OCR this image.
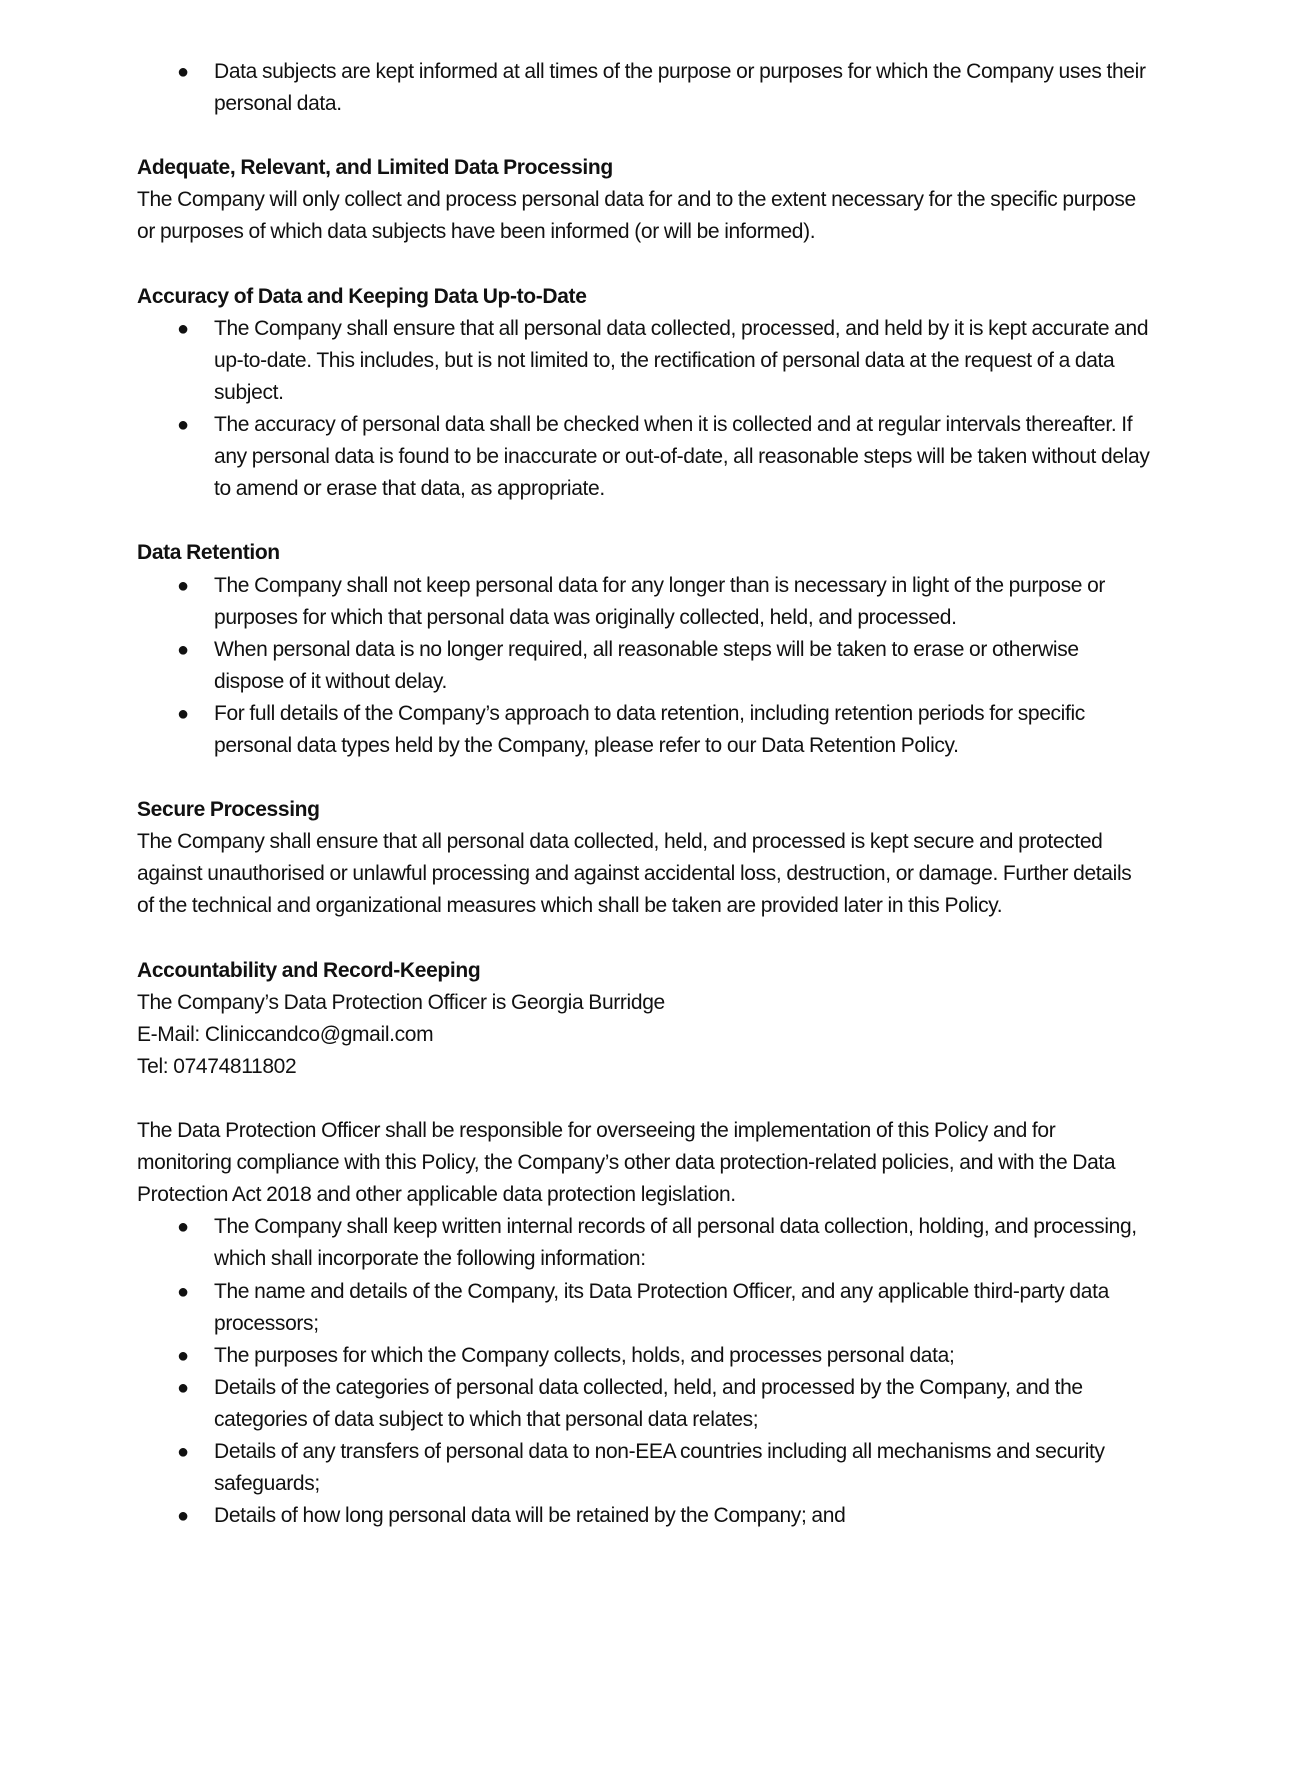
● Data subjects are kept informed at all times of the purpose or purposes for which the Company uses their personal data.
Adequate, Relevant, and Limited Data Processing

The Company will only collect and process personal data for and to the extent necessary for the specific purpose or purposes of which data subjects have been informed (or will be informed).

Accuracy of Data and Keeping Data Up-to-Date
● The Company shall ensure that all personal data collected, processed, and held by it is kept accurate and up-to-date. This includes, but is not limited to, the rectification of personal data at the request of a data subject.
● The accuracy of personal data shall be checked when it is collected and at regular intervals thereafter. If any personal data is found to be inaccurate or out-of-date, all reasonable steps will be taken without delay to amend or erase that data, as appropriate.
Data Retention
● The Company shall not keep personal data for any longer than is necessary in light of the purpose or purposes for which that personal data was originally collected, held, and processed.
● When personal data is no longer required, all reasonable steps will be taken to erase or otherwise dispose of it without delay.
● For full details of the Company’s approach to data retention, including retention periods for specific personal data types held by the Company, please refer to our Data Retention Policy.
Secure Processing

The Company shall ensure that all personal data collected, held, and processed is kept secure and protected against unauthorised or unlawful processing and against accidental loss, destruction, or damage. Further details of the technical and organizational measures which shall be taken are provided later in this Policy.

Accountability and Record-Keeping

The Company’s Data Protection Officer is Georgia Burridge

E-Mail: Cliniccandco@gmail.com

Tel: 07474811802

The Data Protection Officer shall be responsible for overseeing the implementation of this Policy and for monitoring compliance with this Policy, the Company’s other data protection-related policies, and with the Data Protection Act 2018 and other applicable data protection legislation.

● The Company shall keep written internal records of all personal data collection, holding, and processing, which shall incorporate the following information:
● The name and details of the Company, its Data Protection Officer, and any applicable third-party data processors;
● The purposes for which the Company collects, holds, and processes personal data;
● Details of the categories of personal data collected, held, and processed by the Company, and the categories of data subject to which that personal data relates;
● Details of any transfers of personal data to non-EEA countries including all mechanisms and security safeguards;
● Details of how long personal data will be retained by the Company; and
